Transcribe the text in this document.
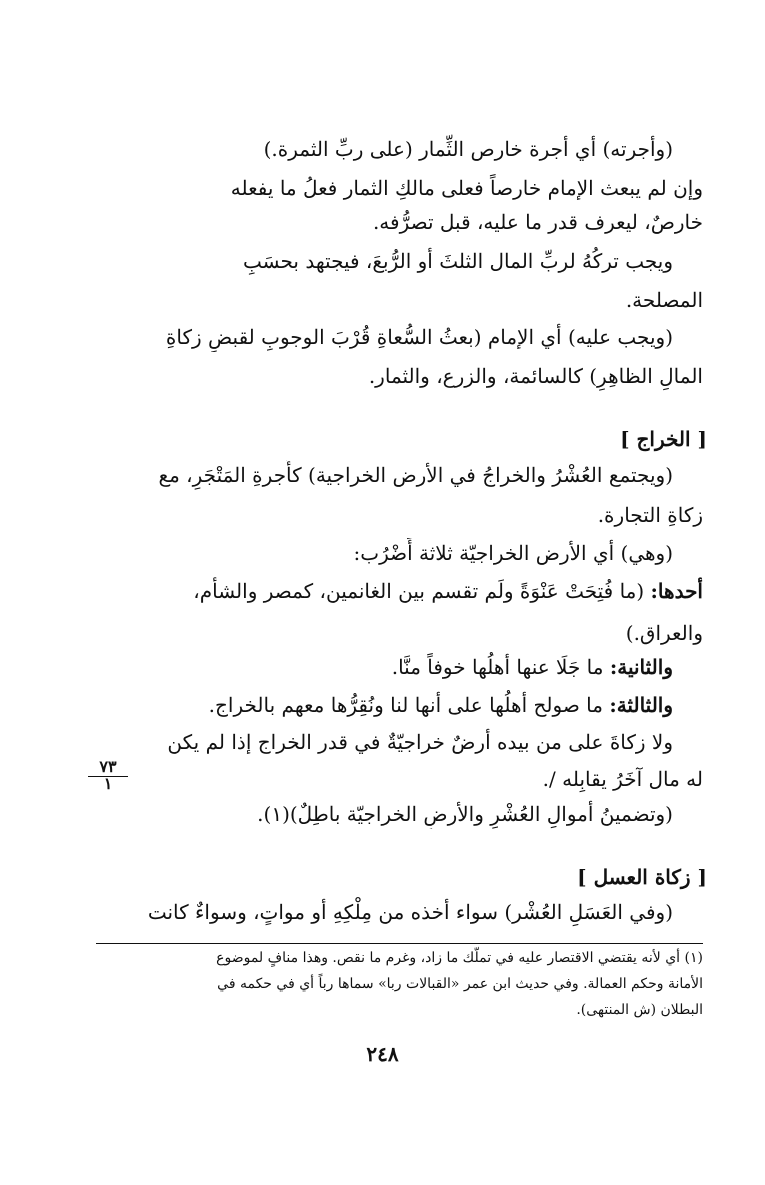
(وأجرته) أي أجرة خارص الثِّمار (على ربِّ الثمرة.)
وإن لم يبعث الإمام خارصاً فعلى مالكِ الثمار فعلُ ما يفعله
خارصٌ، ليعرف قدر ما عليه، قبل تصرُّفه.
ويجب تركُهُ لربِّ المال الثلثَ أو الرُّبعَ، فيجتهد بحسَبِ
المصلحة.
(ويجب عليه) أي الإمام (بعثُ السُّعاةِ قُرْبَ الوجوبِ لقبضِ زكاةِ
المالِ الظاهِرِ) كالسائمة، والزرع، والثمار.
[ الخراج ]
(ويجتمع العُشْرُ والخراجُ في الأرض الخراجية) كأُجرةِ المَتْجَرِ، مع
زكاةِ التجارة.
(وهي) أي الأرض الخراجيّة ثلاثة أَضْرُب:
أحدها: (ما فُتِحَتْ عَنْوَةً ولَم تقسم بين الغانمين، كمصر والشأم،
والعراق.)
والثانية: ما جَلَا عنها أهلُها خوفاً منَّا.
والثالثة: ما صولح أهلُها على أنها لنا ونُقِرُّها معهم بالخراج.
ولا زكاةَ على من بيده أرضٌ خراجيّةٌ في قدر الخراج إذا لم يكن
له مال آخَرُ يقابِله /.
(وتضمينُ أموالِ العُشْرِ والأرضِ الخراجيّة باطِلٌ)(١).
٧٣
١
[ زكاة العسل ]
(وفي العَسَلِ العُشْر) سواء أخذه من مِلْكِهِ أو مواتٍ، وسواءٌ كانت
(١) أي لأنه يقتضي الاقتصار عليه في تملّك ما زاد، وغرم ما نقص. وهذا منافٍ لموضوع
الأمانة وحكم العمالة. وفي حديث ابن عمر «القبالات ربا» سماها رباً أي في حكمه في
البطلان (ش المنتهى).
٢٤٨
